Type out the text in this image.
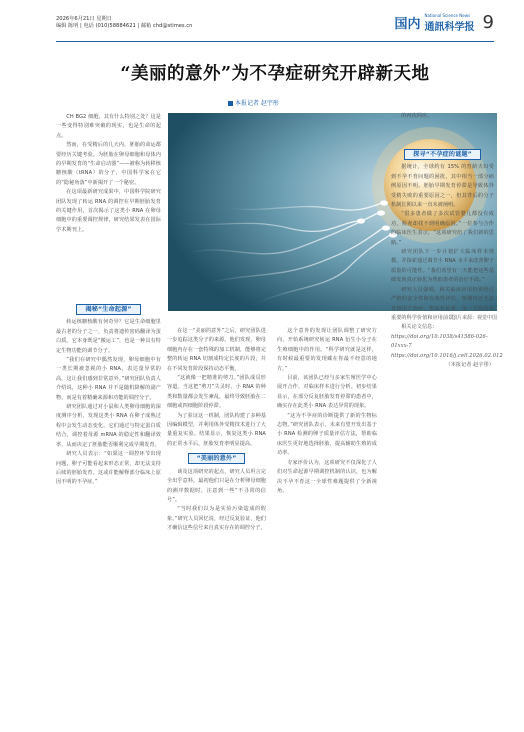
2026年6月21日 星期日
编辑 陈明 | 电话 (010)58884621 | 邮箱 chd@stimes.cn	国内
National Science News
通訊科学报 9
“美丽的意外”为不孕症研究开辟新天地
本报记者 赵宇彤

CH BG2 细胞，其有什么特别之处？这是一些变得特别难突破的现实，也是生命的起点。

然而，在受精后的几天内，胚胎的命运都要经历关键考验。为胚胎在卵母细胞和母体内的早期发育的“生命启动器”——被称为转移核糖核酸（tRNA）的分子，中国科学家在它的“隐秘角落”中新揭开了一个秘密。

在这项最新研究成果中，中国科学院研究团队发现了转运 RNA 的调控在早期胚胎发育的关键作用，首次揭示了这类小 RNA 在卵母细胞中的重要调控规律，研究结果发表在国际学术期刊上。

揭秘“生命起源”

转运核糖核酸有何奇异？它是生命细胞里最古老的分子之一，负责将遗传密码翻译为蛋白质。它本身既是“搬运工”，也是一种具有特定生物功能的调节分子。

“我们在研究中偶然发现，卵母细胞中有一类长期被忽视的小 RNA，表达量异常的高，这让我们感到非常意外。”研究团队负责人介绍说，这种小 RNA 并不是随机降解的副产物，而是有着精确来源和功能的调控分子。

研究团队通过对小鼠和人类卵母细胞的深度测序分析，发现这类小 RNA 在卵子成熟过程中会发生动态变化。它们通过与特定蛋白质结合，调控着母源 mRNA 的稳定性和翻译效率，从而决定了胚胎能否顺利完成早期发育。

研究人员表示：“如果这一调控环节出现问题，卵子可能看起来形态正常，却无法支持后续的胚胎发育。这或许能解释部分临床上原因不明的不孕症。”

图片来源：视觉中国

在这一“美丽的意外”之后，研究团队进一步追踪这类分子的来源。他们发现，卵母细胞内存在一套特殊的加工机制，能够将完整的转运 RNA 切割成特定长度的片段，并在不同发育阶段保持动态平衡。

“这就像一把精准的剪刀。”团队成员形容道。当这把“剪刀”失灵时，小 RNA 的种类和数量都会发生紊乱，最终导致胚胎在二细胞或四细胞阶段停滞。

为了验证这一机制，团队构建了多种基因编辑模型，并利用体外受精技术进行了大量重复实验。结果显示，恢复这类小 RNA 的正常水平后，胚胎发育率明显提高。

“美丽的意外”

谈及这项研究的起点，研究人员坦言完全出乎意料。最初他们只是在分析卵母细胞的测序数据时，注意到一些“不寻常的信号”。

“当时我们以为是实验污染造成的假象。”研究人员回忆说，经过反复验证，他们才确信这些信号来自真实存在的调控分子。

这个意外的发现让团队调整了研究方向，开始系统研究转运 RNA 衍生小分子在生殖细胞中的作用。“科学研究就是这样，有时候最重要的发现藏在你最不经意的地方。”

目前，该团队已经与多家生殖医学中心展开合作，对临床样本进行分析。初步结果显示，在部分反复胚胎发育停滞的患者中，确实存在此类小 RNA 表达异常的现象。

“这为不孕症的诊断提供了新的生物标志物。”研究团队表示，未来有望开发出基于小 RNA 检测的卵子质量评估方法，帮助临床医生更好地选择胚胎，提高辅助生殖的成功率。

专家评价认为，这项研究不仅深化了人们对生命起源早期调控机制的认识，也为解决不孕不育这一全球性难题提供了全新视角。

的再次回应。

探寻“不孕症的谜题”

据统计，全球约有 15% 的育龄夫妇受到不孕不育问题的困扰，其中相当一部分病例原因不明。胚胎早期发育停滞是导致体外受精失败的重要原因之一，但其背后的分子机制长期以来一直未被阐明。

“很多患者做了多次试管婴儿都没有成功，检查却找不到明确原因。”一位参与合作的临床医生表示，“这项研究给了我们新的思路。”

研究团队下一步计划扩大临床样本规模，并探索通过调节小 RNA 水平来改善卵子质量的可能性。“我们希望有一天能把这些基础发现真正转化为帮助患者的治疗手段。”

研究人员强调，相关临床应用仍需经过严格的安全性和有效性评估，短期内还无法直接用于治疗。但从长远看，这一方向具有重要的科学价值和应用前景。

相关论文信息：

https://doi.org/10.1038/s41586-026-01xxx-7
https://doi.org/10.1016/j.cell.2026.02.012
（本报记者 赵宇彤）
